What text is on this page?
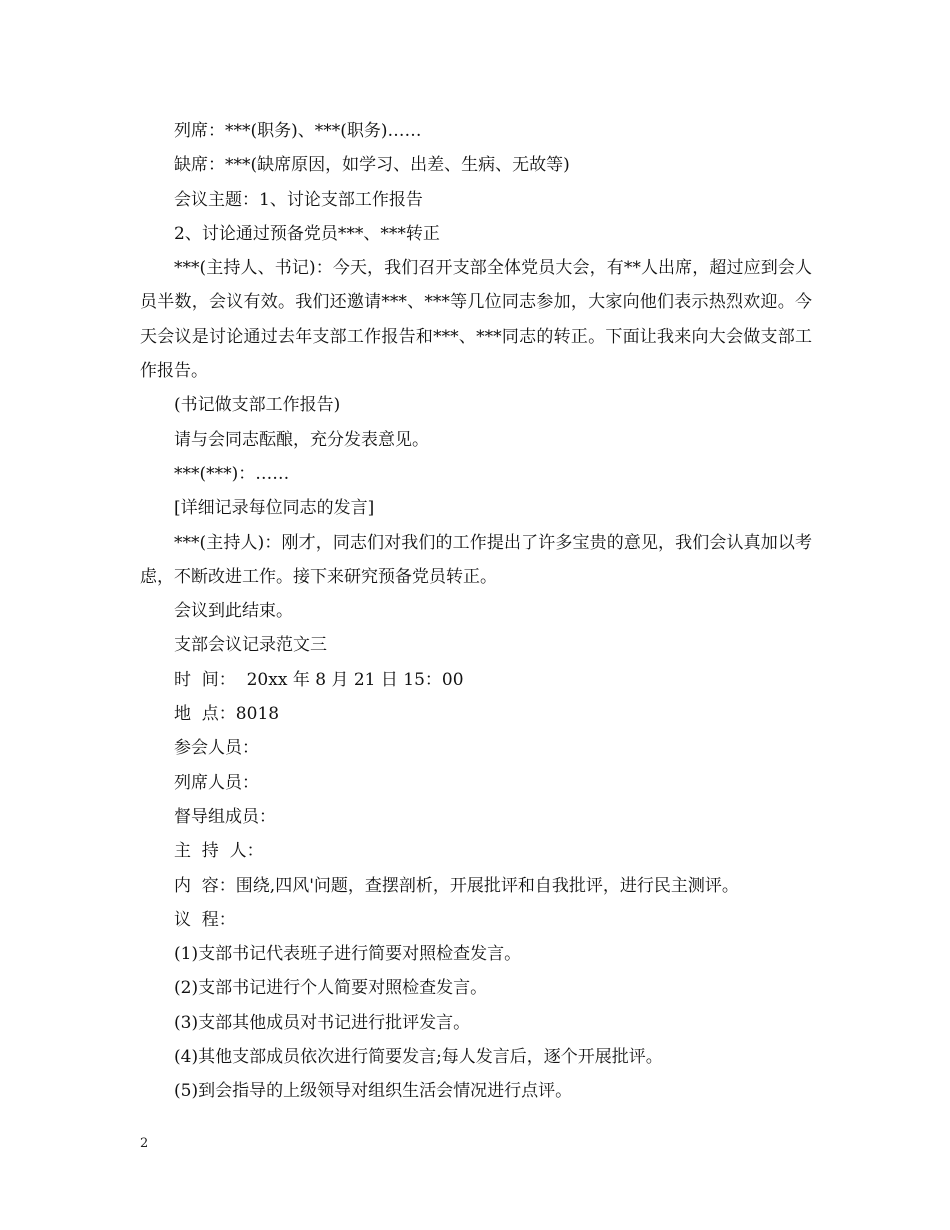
列席：***(职务)、***(职务)……

缺席：***(缺席原因，如学习、出差、生病、无故等)

会议主题：1、讨论支部工作报告

2、讨论通过预备党员***、***转正

***(主持人、书记)：今天，我们召开支部全体党员大会，有**人出席，超过应到会人员半数，会议有效。我们还邀请***、***等几位同志参加，大家向他们表示热烈欢迎。今天会议是讨论通过去年支部工作报告和***、***同志的转正。下面让我来向大会做支部工作报告。

(书记做支部工作报告)

请与会同志酝酿，充分发表意见。

***(***)：……

[详细记录每位同志的发言]

***(主持人)：刚才，同志们对我们的工作提出了许多宝贵的意见，我们会认真加以考虑，不断改进工作。接下来研究预备党员转正。

会议到此结束。

支部会议记录范文三

时  间：  20xx 年 8 月 21 日 15：00

地  点：8018

参会人员：

列席人员：

督导组成员：

主  持  人：

内  容：围绕,四风'问题，查摆剖析，开展批评和自我批评，进行民主测评。

议  程：

(1)支部书记代表班子进行简要对照检查发言。

(2)支部书记进行个人简要对照检查发言。

(3)支部其他成员对书记进行批评发言。

(4)其他支部成员依次进行简要发言;每人发言后，逐个开展批评。

(5)到会指导的上级领导对组织生活会情况进行点评。

2
